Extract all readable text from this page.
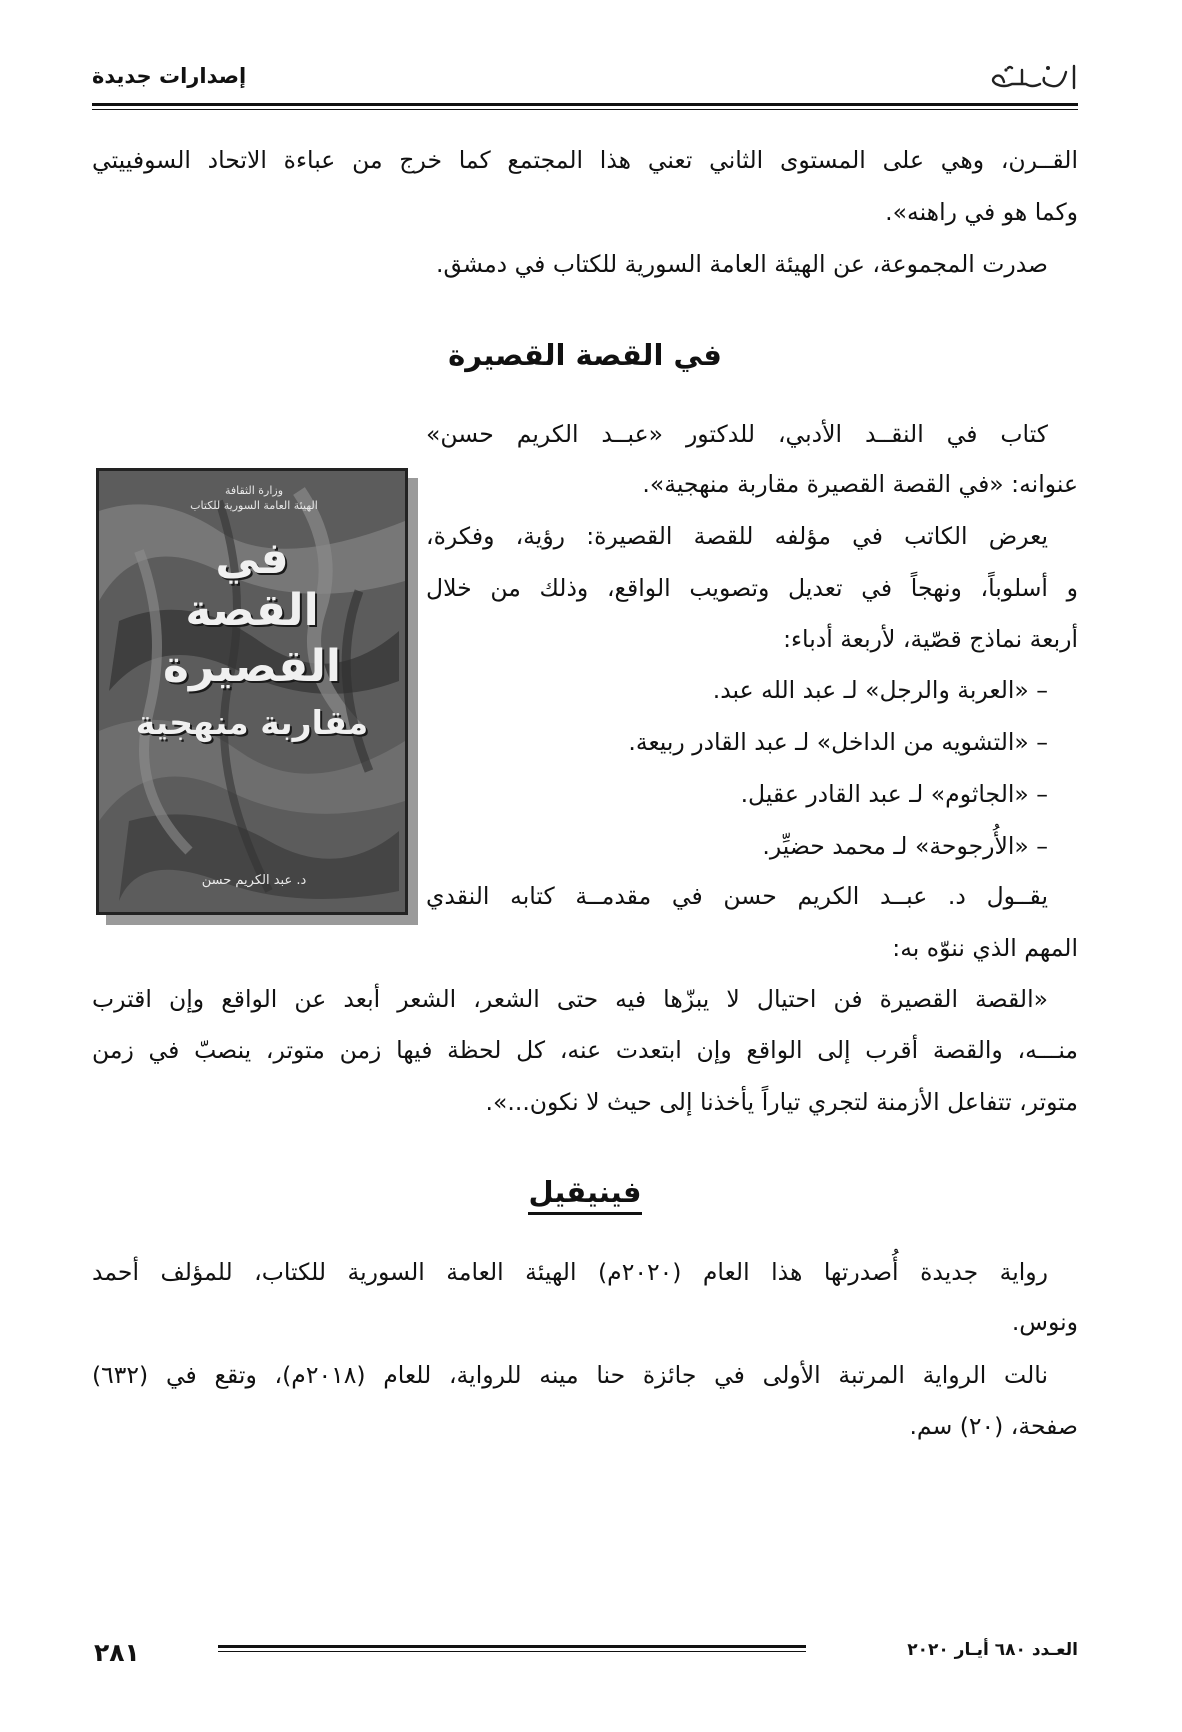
إصدارات جديدة
القــرن، وهي على المستوى الثاني تعني هذا المجتمع كما خرج من عباءة الاتحاد السوفييتي
وكما هو في راهنه».
صدرت المجموعة، عن الهيئة العامة السورية للكتاب في دمشق.
في القصة القصيرة
وزارة الثقافة
الهيئة العامة السورية للكتاب
في
القصة
القصيرة
مقاربة منهجية
د. عبد الكريم حسن
كتاب في النقــد الأدبي، للدكتور «عبــد الكريم حسن»
عنوانه: «في القصة القصيرة مقاربة منهجية».
يعرض الكاتب في مؤلفه للقصة القصيرة: رؤية، وفكرة،
و أسلوباً، ونهجاً في تعديل وتصويب الواقع، وذلك من خلال
أربعة نماذج قصّية، لأربعة أدباء:
– «العربة والرجل» لـ عبد الله عبد.
– «التشويه من الداخل» لـ عبد القادر ربيعة.
– «الجاثوم» لـ عبد القادر عقيل.
– «الأُرجوحة» لـ محمد حضيِّر.
يقــول د. عبــد الكريم حسن في مقدمــة كتابه النقدي
المهم الذي ننوّه به:
«القصة القصيرة فن احتيال لا يبزّها فيه حتى الشعر، الشعر أبعد عن الواقع وإن اقترب
منـــه، والقصة أقرب إلى الواقع وإن ابتعدت عنه، كل لحظة فيها زمن متوتر، ينصبّ في زمن
متوتر، تتفاعل الأزمنة لتجري تياراً يأخذنا إلى حيث لا نكون...».
فينيقيل
رواية جديدة أُصدرتها هذا العام (٢٠٢٠م) الهيئة العامة السورية للكتاب، للمؤلف أحمد
ونوس.
نالت الرواية المرتبة الأولى في جائزة حنا مينه للرواية، للعام (٢٠١٨م)، وتقع في (٦٣٢)
صفحة، (٢٠) سم.
٢٨١	العـدد ٦٨٠ أيـار ٢٠٢٠
